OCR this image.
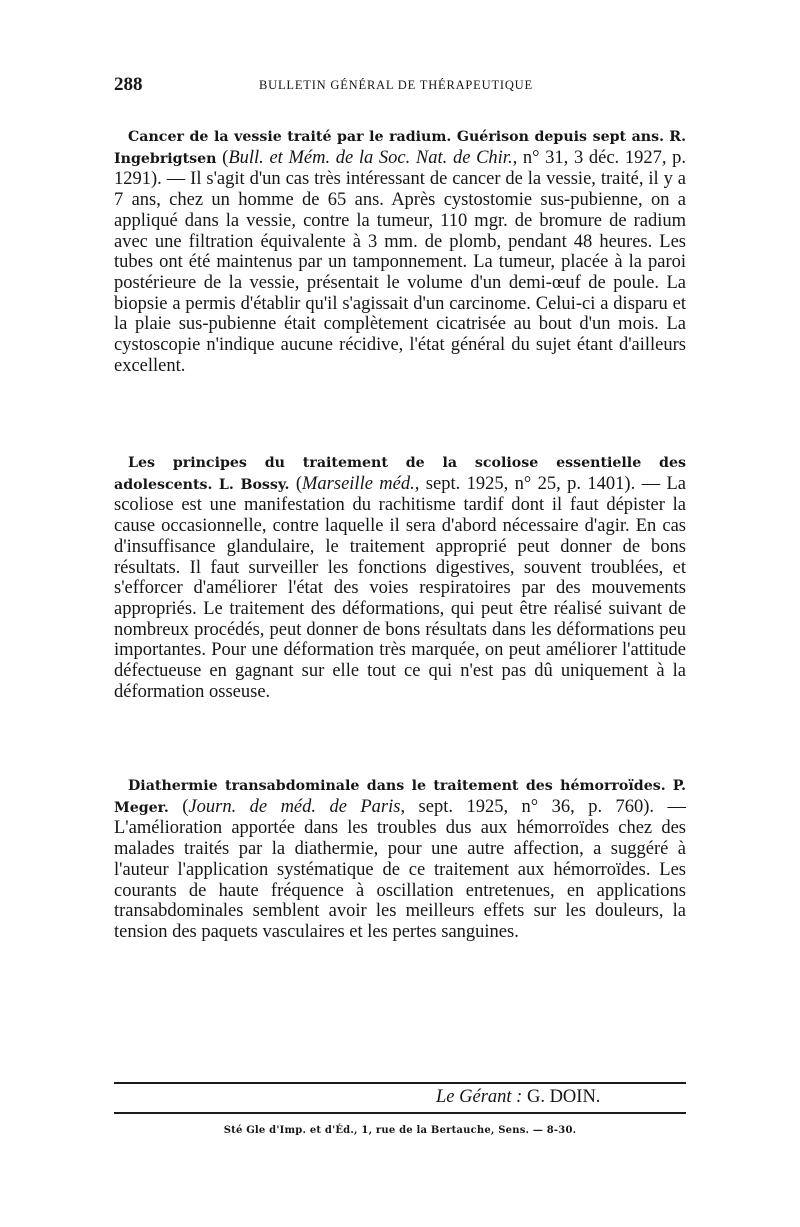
288	BULLETIN GÉNÉRAL DE THÉRAPEUTIQUE

Cancer de la vessie traité par le radium. Guérison depuis sept ans. R. Ingebrigtsen (Bull. et Mém. de la Soc. Nat. de Chir., n° 31, 3 déc. 1927, p. 1291). — Il s'agit d'un cas très intéressant de cancer de la vessie, traité, il y a 7 ans, chez un homme de 65 ans. Après cystostomie sus-pubienne, on a appliqué dans la vessie, contre la tumeur, 110 mgr. de bromure de radium avec une filtration équivalente à 3 mm. de plomb, pendant 48 heures. Les tubes ont été maintenus par un tamponnement. La tumeur, placée à la paroi postérieure de la vessie, présentait le volume d'un demi-œuf de poule. La biopsie a permis d'établir qu'il s'agissait d'un carcinome. Celui-ci a disparu et la plaie sus-pubienne était complètement cicatrisée au bout d'un mois. La cystoscopie n'indique aucune récidive, l'état général du sujet étant d'ailleurs excellent.

Les principes du traitement de la scoliose essentielle des adolescents. L. Bossy. (Marseille méd., sept. 1925, n° 25, p. 1401). — La scoliose est une manifestation du rachitisme tardif dont il faut dépister la cause occasionnelle, contre laquelle il sera d'abord nécessaire d'agir. En cas d'insuffisance glandulaire, le traitement approprié peut donner de bons résultats. Il faut surveiller les fonctions digestives, souvent troublées, et s'efforcer d'améliorer l'état des voies respiratoires par des mouvements appropriés. Le traitement des déformations, qui peut être réalisé suivant de nombreux procédés, peut donner de bons résultats dans les déformations peu importantes. Pour une déformation très marquée, on peut améliorer l'attitude défectueuse en gagnant sur elle tout ce qui n'est pas dû uniquement à la déformation osseuse.

Diathermie transabdominale dans le traitement des hémorroïdes. P. Meger. (Journ. de méd. de Paris, sept. 1925, n° 36, p. 760). — L'amélioration apportée dans les troubles dus aux hémorroïdes chez des malades traités par la diathermie, pour une autre affection, a suggéré à l'auteur l'application systématique de ce traitement aux hémorroïdes. Les courants de haute fréquence à oscillation entretenues, en applications transabdominales semblent avoir les meilleurs effets sur les douleurs, la tension des paquets vasculaires et les pertes sanguines.

Le Gérant : G. DOIN.
Sté Gle d'Imp. et d'Éd., 1, rue de la Bertauche, Sens. — 8-30.
